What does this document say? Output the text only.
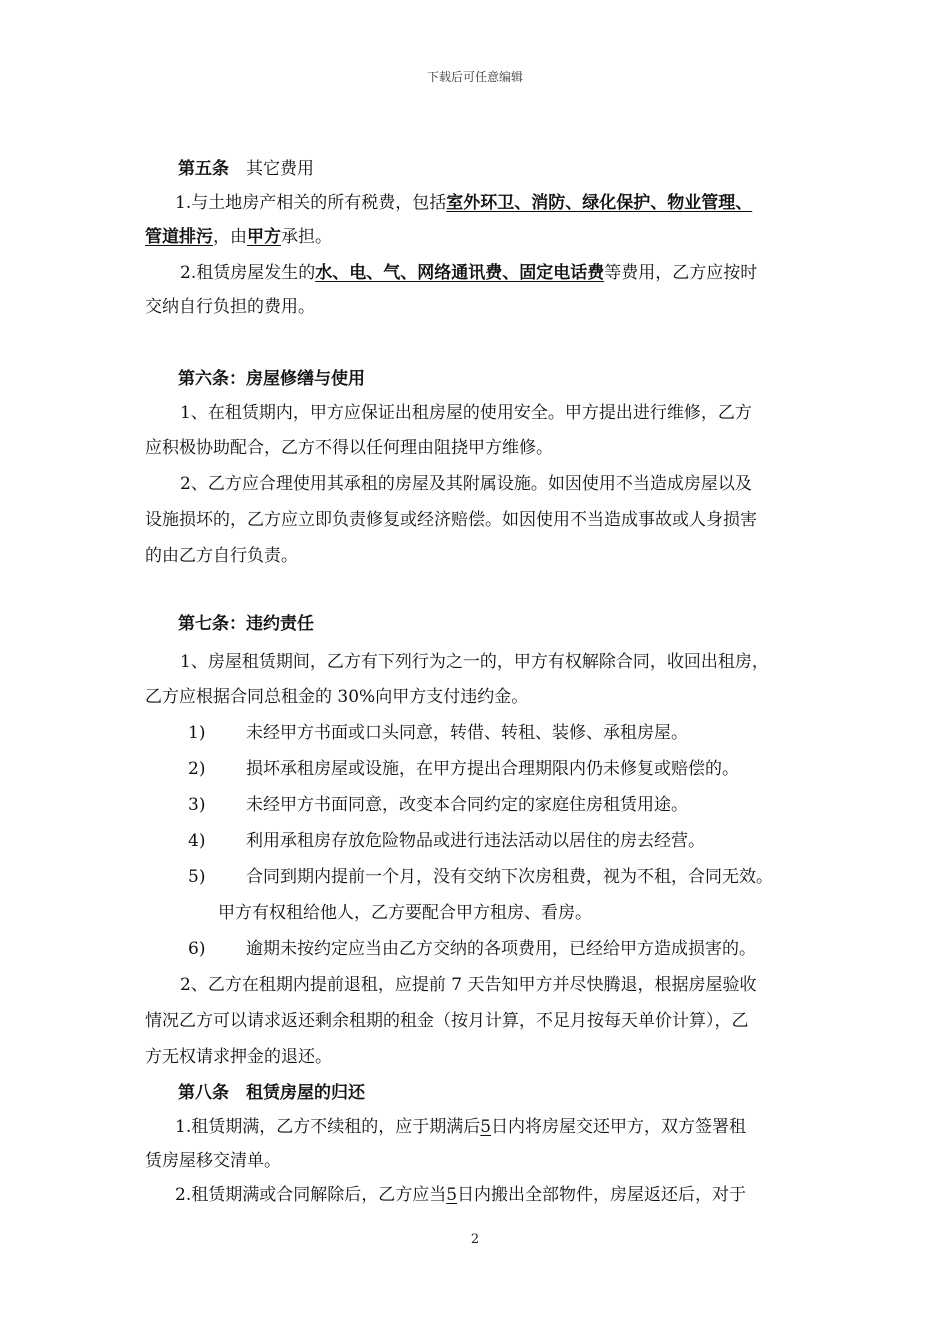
下载后可任意编辑
第五条　其它费用
1.与土地房产相关的所有税费，包括室外环卫、消防、绿化保护、物业管理、
管道排污，由甲方承担。
2.租赁房屋发生的水、电、气、网络通讯费、固定电话费等费用，乙方应按时
交纳自行负担的费用。
第六条：房屋修缮与使用
1、在租赁期内，甲方应保证出租房屋的使用安全。甲方提出进行维修，乙方
应积极协助配合，乙方不得以任何理由阻挠甲方维修。
2、乙方应合理使用其承租的房屋及其附属设施。如因使用不当造成房屋以及
设施损坏的，乙方应立即负责修复或经济赔偿。如因使用不当造成事故或人身损害
的由乙方自行负责。
第七条：违约责任
1、房屋租赁期间，乙方有下列行为之一的，甲方有权解除合同，收回出租房，
乙方应根据合同总租金的 30%向甲方支付违约金。
1) 未经甲方书面或口头同意，转借、转租、装修、承租房屋。
2) 损坏承租房屋或设施，在甲方提出合理期限内仍未修复或赔偿的。
3) 未经甲方书面同意，改变本合同约定的家庭住房租赁用途。
4) 利用承租房存放危险物品或进行违法活动以居住的房去经营。
5) 合同到期内提前一个月，没有交纳下次房租费，视为不租，合同无效。
甲方有权租给他人，乙方要配合甲方租房、看房。
6) 逾期未按约定应当由乙方交纳的各项费用，已经给甲方造成损害的。
2、乙方在租期内提前退租，应提前 7 天告知甲方并尽快腾退，根据房屋验收
情况乙方可以请求返还剩余租期的租金（按月计算，不足月按每天单价计算），乙
方无权请求押金的退还。
第八条　租赁房屋的归还
1.租赁期满，乙方不续租的，应于期满后5日内将房屋交还甲方，双方签署租
赁房屋移交清单。
2.租赁期满或合同解除后，乙方应当5日内搬出全部物件，房屋返还后，对于
2
